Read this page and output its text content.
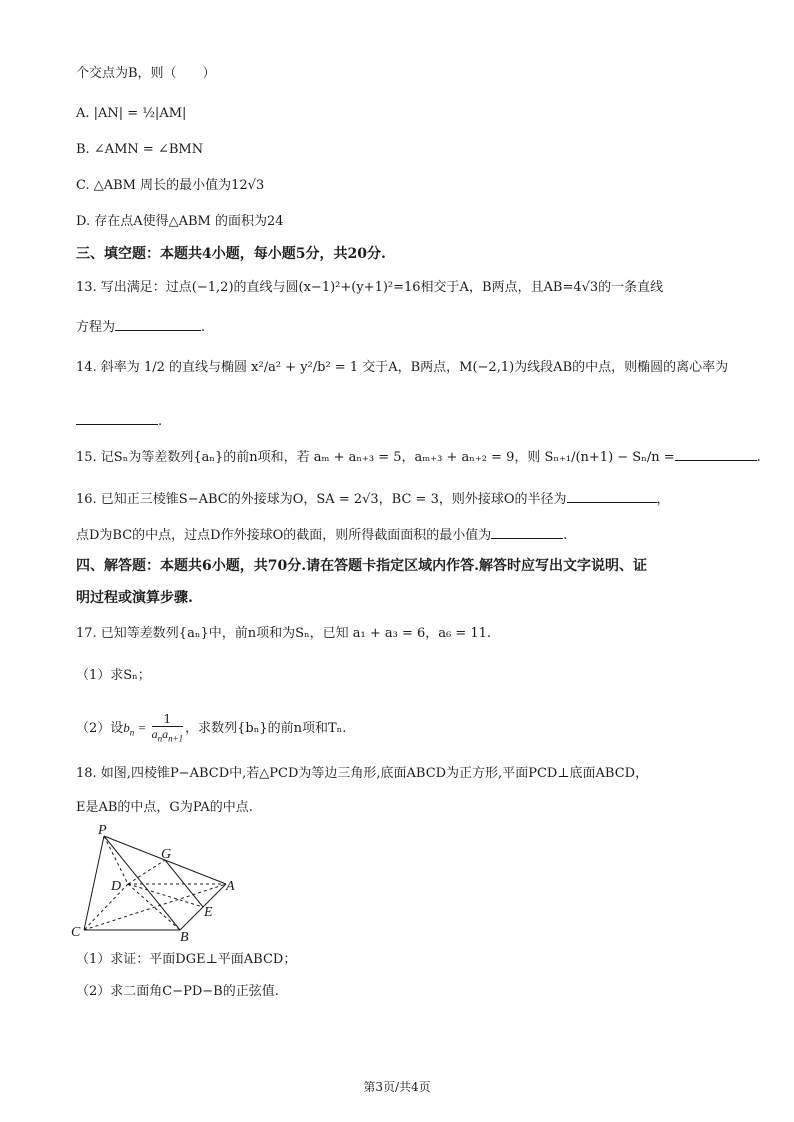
个交点为B，则（　　）
A. |AN| = ½|AM|
B. ∠AMN = ∠BMN
C. △ABM 周长的最小值为12√3
D. 存在点A使得△ABM 的面积为24
三、填空题：本题共4小题，每小题5分，共20分.
13. 写出满足：过点(−1,2)的直线与圆(x−1)²+(y+1)²=16相交于A，B两点，且AB=4√3的一条直线
方程为	.
14. 斜率为 1/2 的直线与椭圆 x²/a² + y²/b² = 1 交于A，B两点，M(−2,1)为线段AB的中点，则椭圆的离心率为
.
15. 记Sₙ为等差数列{aₙ}的前n项和，若 aₘ + aₙ₊₃ = 5，aₘ₊₃ + aₙ₊₂ = 9，则 Sₙ₊₁/(n+1) − Sₙ/n =	.
16. 已知正三棱锥S−ABC的外接球为O，SA = 2√3，BC = 3，则外接球O的半径为	，
点D为BC的中点，过点D作外接球O的截面，则所得截面面积的最小值为	.
四、解答题：本题共6小题，共70分.请在答题卡指定区域内作答.解答时应写出文字说明、证
明过程或演算步骤.
17. 已知等差数列{aₙ}中，前n项和为Sₙ，已知 a₁ + a₃ = 6，a₆ = 11.
（1）求Sₙ；
（2）设$b_n = \frac{1}{a_na_{n+1}}$ ，求数列{bₙ}的前n项和Tₙ.
18. 如图,四棱锥P−ABCD中,若△PCD为等边三角形,底面ABCD为正方形,平面PCD⊥底面ABCD，
E是AB的中点，G为PA的中点.
P
G
D	A
E
C	B
（1）求证：平面DGE⊥平面ABCD；
（2）求二面角C−PD−B的正弦值.
第3页/共4页
